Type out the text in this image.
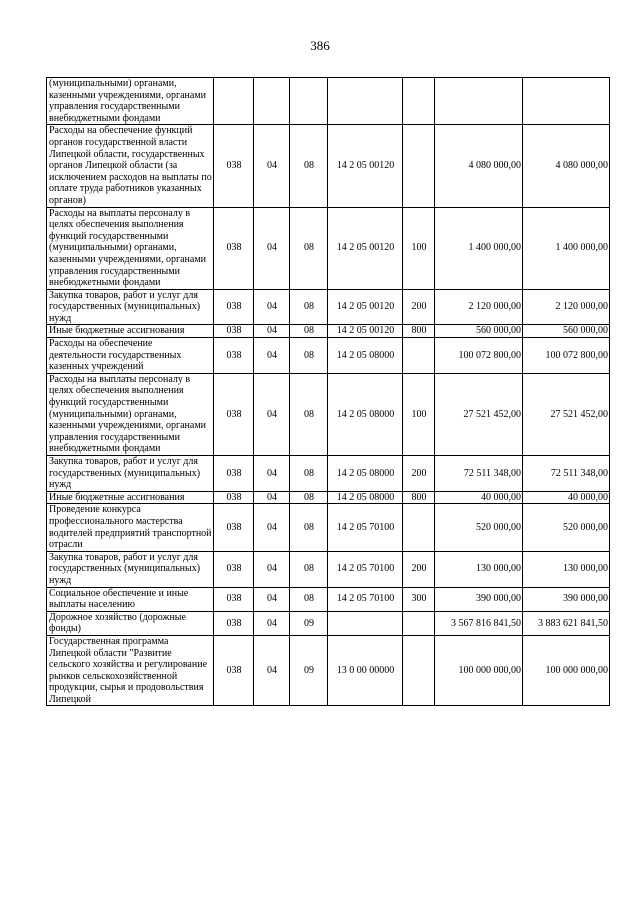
386
(муниципальными) органами, казенными учреждениями, органами управления государственными внебюджетными фондами							
Расходы на обеспечение функций органов государственной власти Липецкой области, государственных органов Липецкой области (за исключением расходов на выплаты по оплате труда работников указанных органов)	038	04	08	14 2 05 00120		4 080 000,00	4 080 000,00
Расходы на выплаты персоналу в целях обеспечения выполнения функций государственными (муниципальными) органами, казенными учреждениями, органами управления государственными внебюджетными фондами	038	04	08	14 2 05 00120	100	1 400 000,00	1 400 000,00
Закупка товаров, работ и услуг для государственных (муниципальных) нужд	038	04	08	14 2 05 00120	200	2 120 000,00	2 120 000,00
Иные бюджетные ассигнования	038	04	08	14 2 05 00120	800	560 000,00	560 000,00
Расходы на обеспечение деятельности государственных казенных учреждений	038	04	08	14 2 05 08000		100 072 800,00	100 072 800,00
Расходы на выплаты персоналу в целях обеспечения выполнения функций государственными (муниципальными) органами, казенными учреждениями, органами управления государственными внебюджетными фондами	038	04	08	14 2 05 08000	100	27 521 452,00	27 521 452,00
Закупка товаров, работ и услуг для государственных (муниципальных) нужд	038	04	08	14 2 05 08000	200	72 511 348,00	72 511 348,00
Иные бюджетные ассигнования	038	04	08	14 2 05 08000	800	40 000,00	40 000,00
Проведение конкурса профессионального мастерства водителей предприятий транспортной отрасли	038	04	08	14 2 05 70100		520 000,00	520 000,00
Закупка товаров, работ и услуг для государственных (муниципальных) нужд	038	04	08	14 2 05 70100	200	130 000,00	130 000,00
Социальное обеспечение и иные выплаты населению	038	04	08	14 2 05 70100	300	390 000,00	390 000,00
Дорожное хозяйство (дорожные фонды)	038	04	09			3 567 816 841,50	3 883 621 841,50
Государственная программа Липецкой области "Развитие сельского хозяйства и регулирование рынков сельскохозяйственной продукции, сырья и продовольствия Липецкой	038	04	09	13 0 00 00000		100 000 000,00	100 000 000,00
